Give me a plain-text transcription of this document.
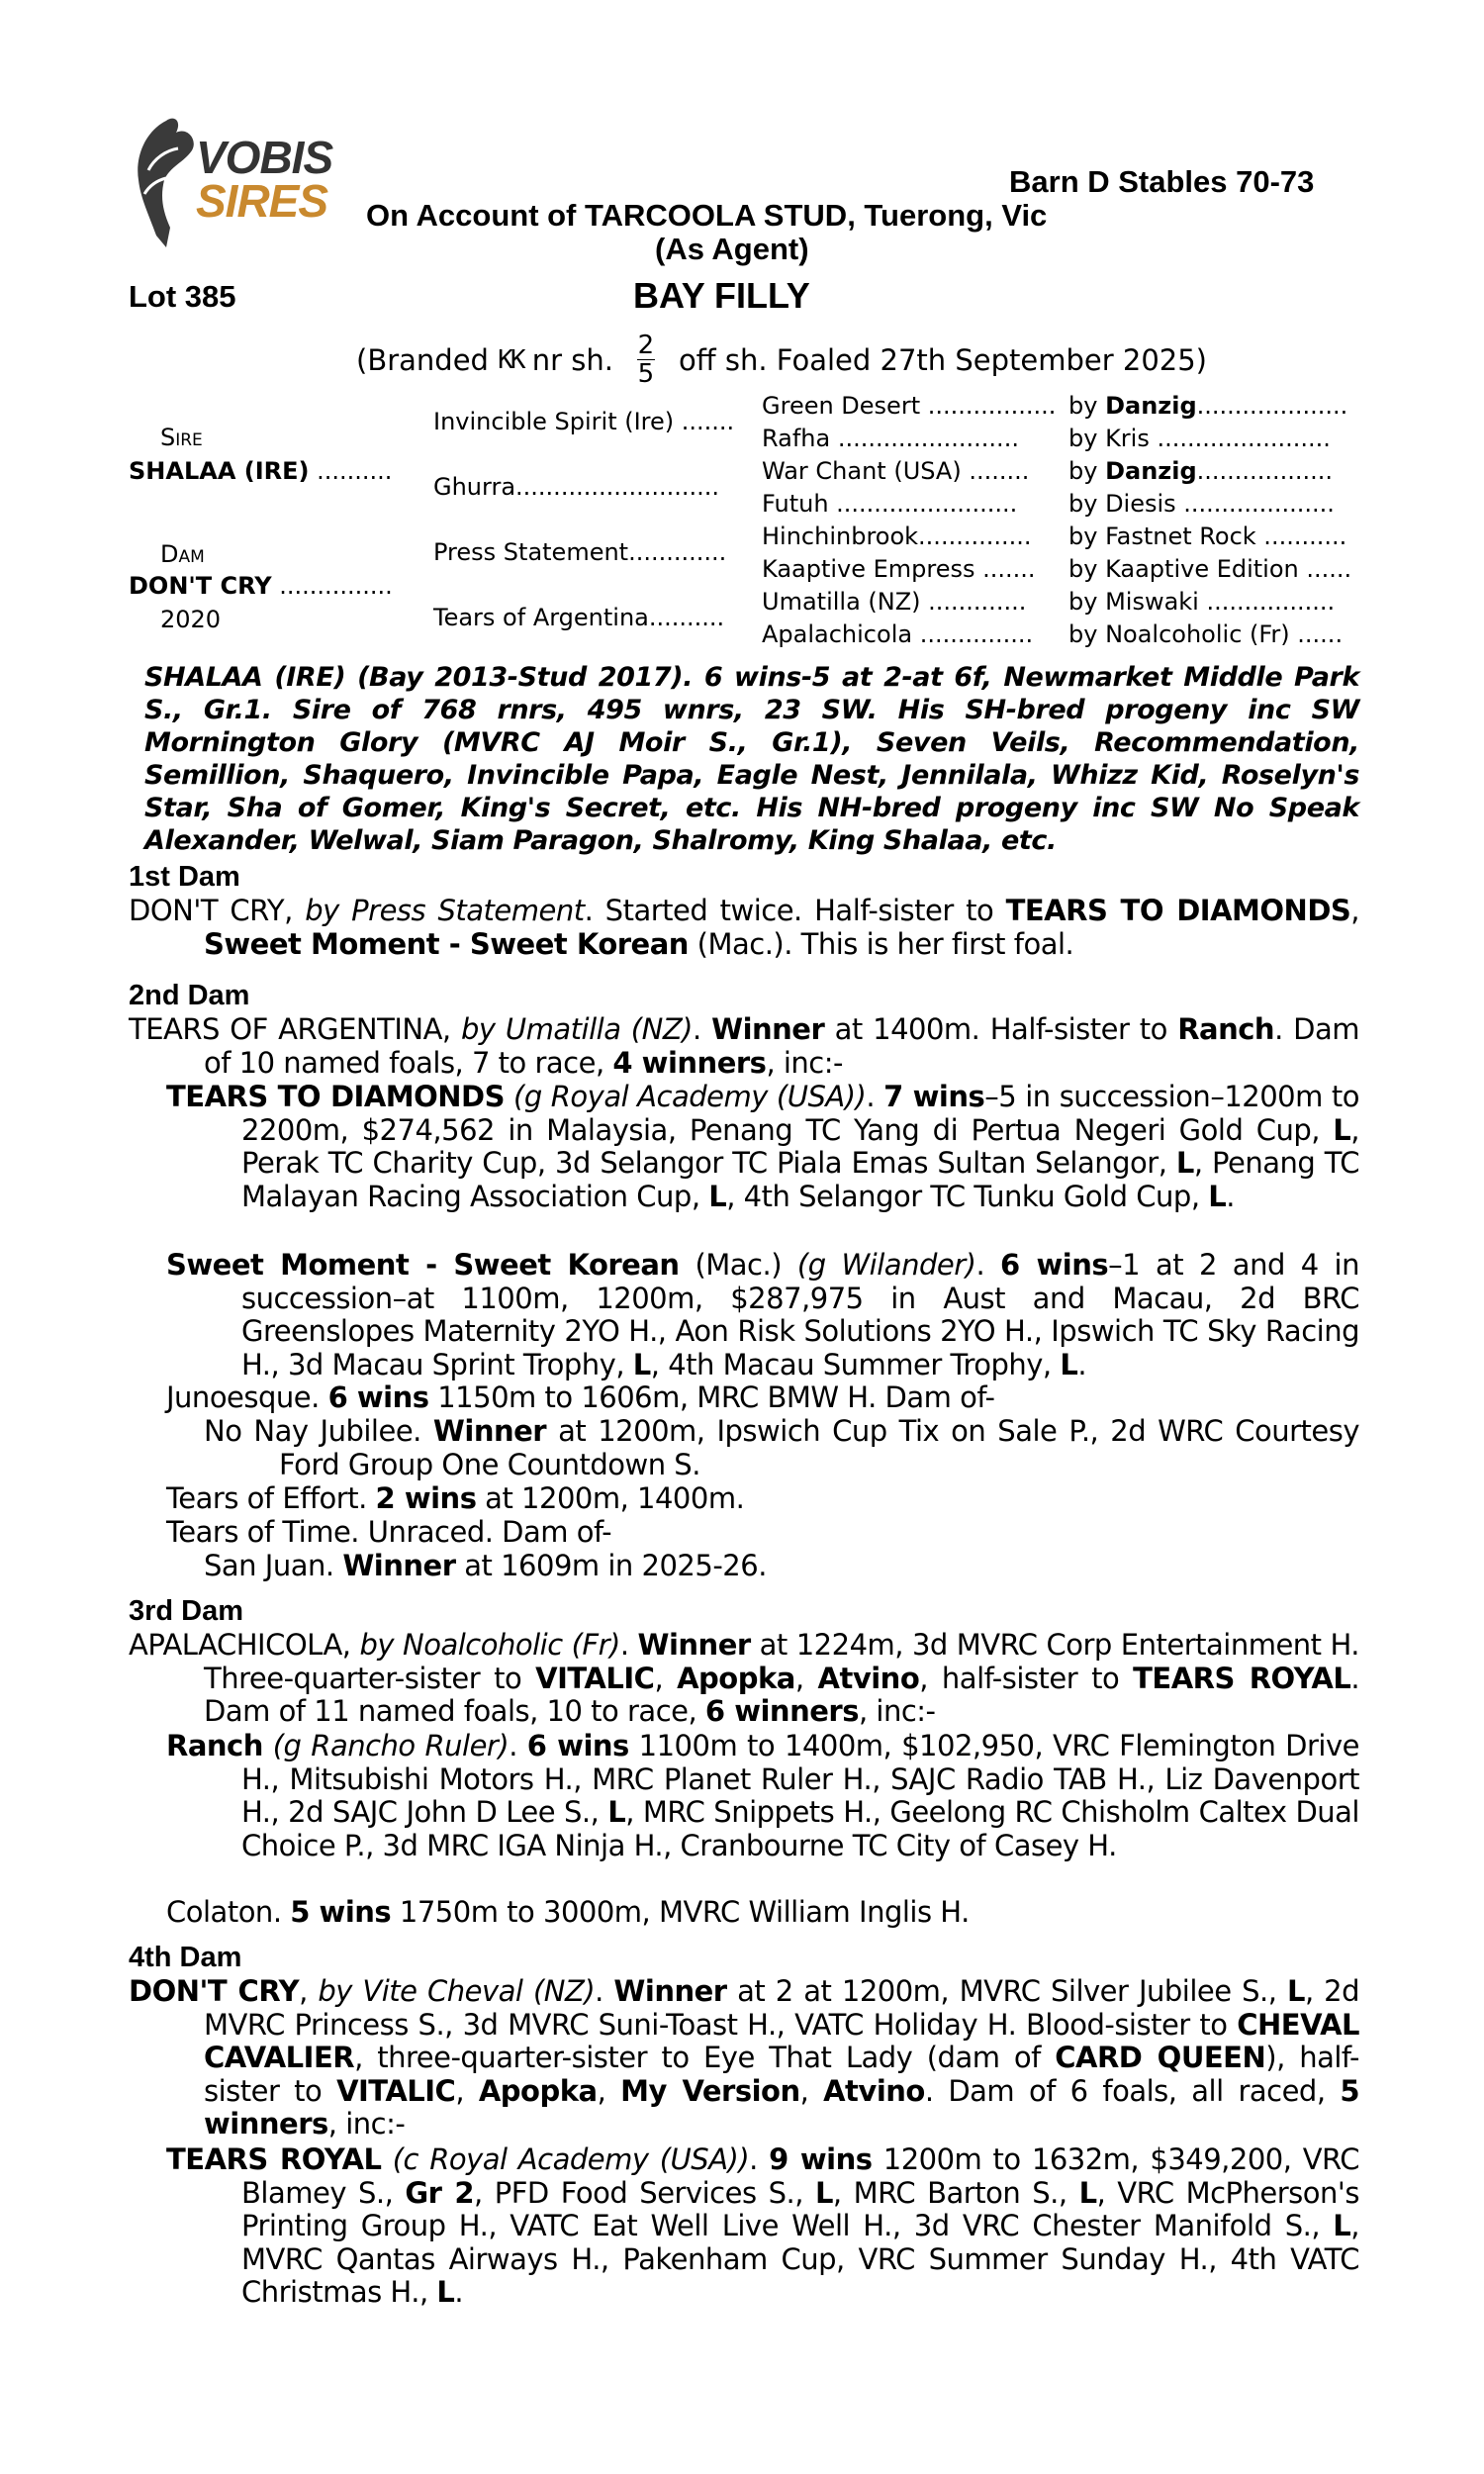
VOBIS
SIRES	Barn D Stables 70-73
On Account of TARCOOLA STUD, Tuerong, Vic
(As Agent)
Lot 385	BAY FILLY
(Branded
KK
nr sh. $\frac{2}{5}$ off sh. Foaled 27th September 2025)
Sire
SHALAA (IRE) ..........
Dam
DON'T CRY ...............
2020
Invincible Spirit (Ire) .......
Ghurra...........................
Press Statement.............
Tears of Argentina..........
Green Desert .................
Rafha ........................
War Chant (USA) ........
Futuh ........................
Hinchinbrook...............
Kaaptive Empress .......
Umatilla (NZ) .............
Apalachicola ...............
by Danzig....................
by Kris .......................
by Danzig..................
by Diesis ....................
by Fastnet Rock ...........
by Kaaptive Edition ......
by Miswaki .................
by Noalcoholic (Fr) ......
SHALAA (IRE) (Bay 2013-Stud 2017). 6 wins-5 at 2-at 6f, Newmarket Middle Park S., Gr.1. Sire of 768 rnrs, 495 wnrs, 23 SW. His SH-bred progeny inc SW Mornington Glory (MVRC AJ Moir S., Gr.1), Seven Veils, Recommendation, Semillion, Shaquero, Invincible Papa, Eagle Nest, Jennilala, Whizz Kid, Roselyn's Star, Sha of Gomer, King's Secret, etc. His NH-bred progeny inc SW No Speak Alexander, Welwal, Siam Paragon, Shalromy, King Shalaa, etc.
1st Dam
DON'T CRY, by Press Statement. Started twice. Half-sister to TEARS TO DIAMONDS, Sweet Moment - Sweet Korean (Mac.). This is her first foal.
2nd Dam
TEARS OF ARGENTINA, by Umatilla (NZ). Winner at 1400m. Half-sister to Ranch. Dam of 10 named foals, 7 to race, 4 winners, inc:-
TEARS TO DIAMONDS (g Royal Academy (USA)). 7 wins–5 in succession–1200m to 2200m, $274,562 in Malaysia, Penang TC Yang di Pertua Negeri Gold Cup, L, Perak TC Charity Cup, 3d Selangor TC Piala Emas Sultan Selangor, L, Penang TC Malayan Racing Association Cup, L, 4th Selangor TC Tunku Gold Cup, L.
Sweet Moment - Sweet Korean (Mac.) (g Wilander). 6 wins–1 at 2 and 4 in succession–at 1100m, 1200m, $287,975 in Aust and Macau, 2d BRC Greenslopes Maternity 2YO H., Aon Risk Solutions 2YO H., Ipswich TC Sky Racing H., 3d Macau Sprint Trophy, L, 4th Macau Summer Trophy, L.
Junoesque. 6 wins 1150m to 1606m, MRC BMW H. Dam of-
No Nay Jubilee. Winner at 1200m, Ipswich Cup Tix on Sale P., 2d WRC Courtesy Ford Group One Countdown S.
Tears of Effort. 2 wins at 1200m, 1400m.
Tears of Time. Unraced. Dam of-
San Juan. Winner at 1609m in 2025-26.
3rd Dam
APALACHICOLA, by Noalcoholic (Fr). Winner at 1224m, 3d MVRC Corp Entertainment H. Three-quarter-sister to VITALIC, Apopka, Atvino, half-sister to TEARS ROYAL. Dam of 11 named foals, 10 to race, 6 winners, inc:-
Ranch (g Rancho Ruler). 6 wins 1100m to 1400m, $102,950, VRC Flemington Drive H., Mitsubishi Motors H., MRC Planet Ruler H., SAJC Radio TAB H., Liz Davenport H., 2d SAJC John D Lee S., L, MRC Snippets H., Geelong RC Chisholm Caltex Dual Choice P., 3d MRC IGA Ninja H., Cranbourne TC City of Casey H.
Colaton. 5 wins 1750m to 3000m, MVRC William Inglis H.
4th Dam
DON'T CRY, by Vite Cheval (NZ). Winner at 2 at 1200m, MVRC Silver Jubilee S., L, 2d MVRC Princess S., 3d MVRC Suni-Toast H., VATC Holiday H. Blood-sister to CHEVAL CAVALIER, three-quarter-sister to Eye That Lady (dam of CARD QUEEN), half-sister to VITALIC, Apopka, My Version, Atvino. Dam of 6 foals, all raced, 5 winners, inc:-
TEARS ROYAL (c Royal Academy (USA)). 9 wins 1200m to 1632m, $349,200, VRC Blamey S., Gr 2, PFD Food Services S., L, MRC Barton S., L, VRC McPherson's Printing Group H., VATC Eat Well Live Well H., 3d VRC Chester Manifold S., L, MVRC Qantas Airways H., Pakenham Cup, VRC Summer Sunday H., 4th VATC Christmas H., L.
